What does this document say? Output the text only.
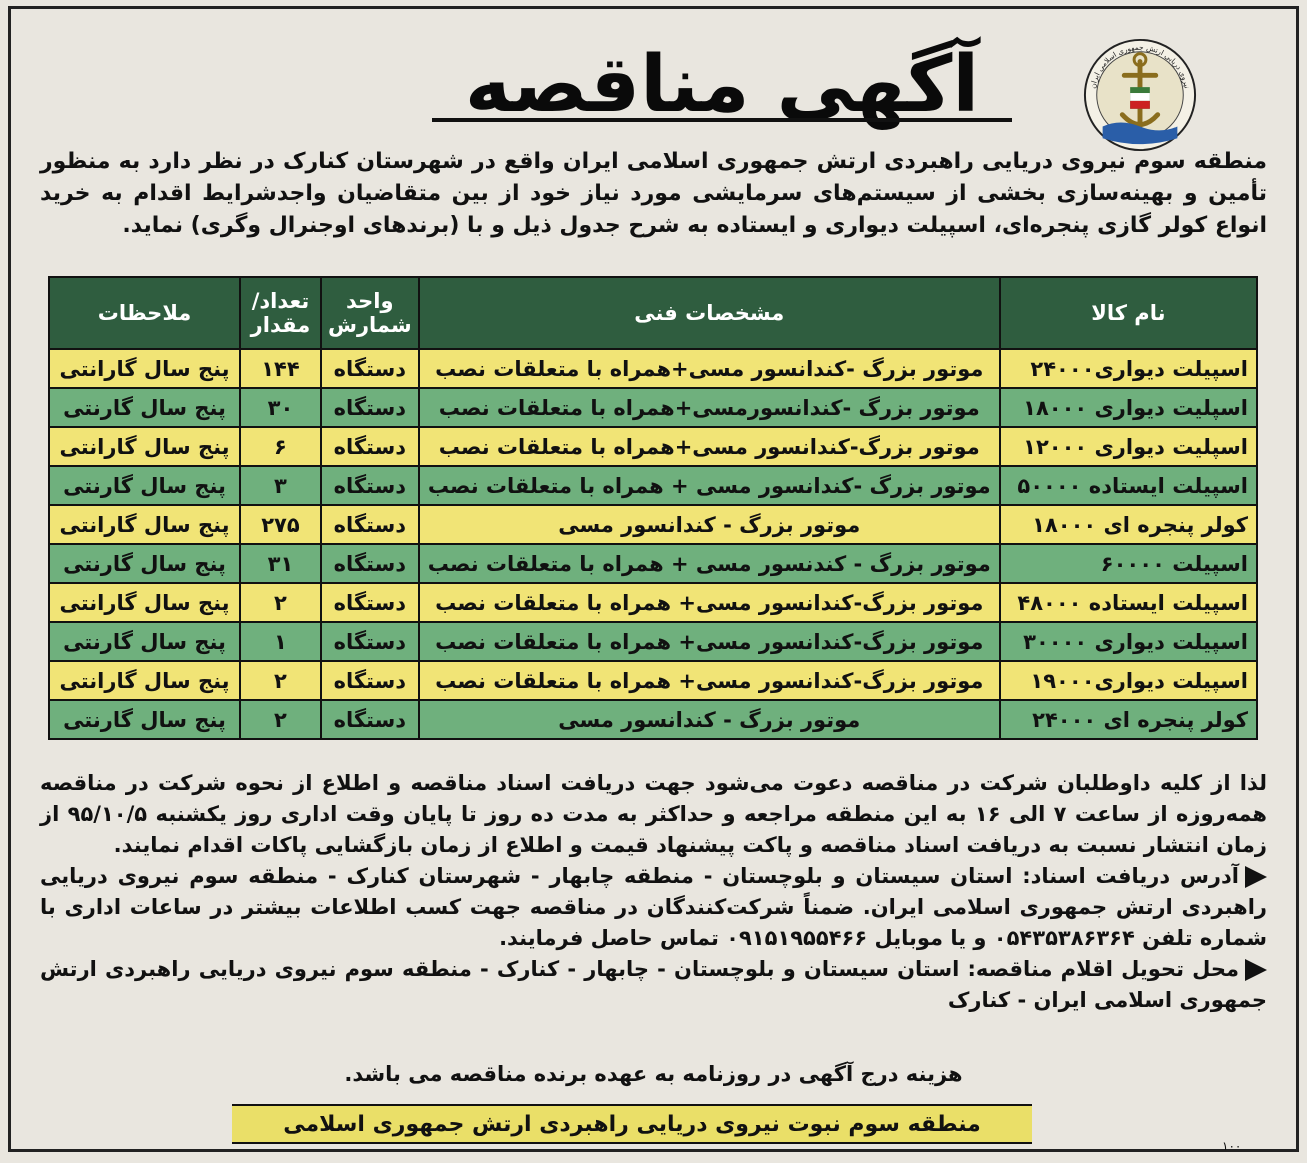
آگهی مناقصه	نیروی دریایی ارتش جمهوری اسلامی ایران
منطقه سوم نیروی دریایی راهبردی ارتش جمهوری اسلامی ایران واقع در شهرستان کنارک در نظر دارد به منظور تأمین و بهینه‌سازی بخشی از سیستم‌های سرمایشی مورد نیاز خود از بین متقاضیان واجدشرایط اقدام به خرید انواع کولر گازی پنجره‌ای، اسپیلت دیواری و ایستاده به شرح جدول ذیل و با (برندهای اوجنرال وگری) نماید.
نام کالا	مشخصات فنی	واحد شمارش	تعداد/ مقدار	ملاحظات
اسپیلت دیواری۲۴۰۰۰	موتور بزرگ -کندانسور مسی+همراه با متعلقات نصب	دستگاه	۱۴۴	پنج سال گارانتی
اسپلیت دیواری ۱۸۰۰۰	موتور بزرگ -کندانسورمسی+همراه با متعلقات نصب	دستگاه	۳۰	پنج سال گارنتی
اسپلیت دیواری ۱۲۰۰۰	موتور بزرگ-کندانسور مسی+همراه با متعلقات نصب	دستگاه	۶	پنج سال گارانتی
اسپیلت ایستاده ۵۰۰۰۰	موتور بزرگ -کندانسور مسی + همراه با متعلقات نصب	دستگاه	۳	پنج سال گارنتی
کولر پنجره ای ۱۸۰۰۰	موتور بزرگ - کندانسور مسی	دستگاه	۲۷۵	پنج سال گارانتی
اسپیلت ۶۰۰۰۰	موتور بزرگ - کندنسور مسی + همراه با متعلقات نصب	دستگاه	۳۱	پنج سال گارنتی
اسپیلت ایستاده ۴۸۰۰۰	موتور بزرگ-کندانسور مسی+ همراه با متعلقات نصب	دستگاه	۲	پنج سال گارانتی
اسپیلت دیواری ۳۰۰۰۰	موتور بزرگ-کندانسور مسی+ همراه با متعلقات نصب	دستگاه	۱	پنج سال گارنتی
اسپیلت دیواری۱۹۰۰۰	موتور بزرگ-کندانسور مسی+ همراه با متعلقات نصب	دستگاه	۲	پنج سال گارانتی
کولر پنجره ای ۲۴۰۰۰	موتور بزرگ - کندانسور مسی	دستگاه	۲	پنج سال گارنتی

لذا از کلیه داوطلبان شرکت در مناقصه دعوت می‌شود جهت دریافت اسناد مناقصه و اطلاع از نحوه شرکت در مناقصه همه‌روزه از ساعت ۷ الی ۱۶ به این منطقه مراجعه و حداکثر به مدت ده روز تا پایان وقت اداری روز یکشنبه ۹۵/۱۰/۵ از زمان انتشار نسبت به دریافت اسناد مناقصه و پاکت پیشنهاد قیمت و اطلاع از زمان بازگشایی پاکات اقدام نمایند.

آدرس دریافت اسناد: استان سیستان و بلوچستان - منطقه چابهار - شهرستان کنارک - منطقه سوم نیروی دریایی راهبردی ارتش جمهوری اسلامی ایران. ضمناً شرکت‌کنندگان در مناقصه جهت کسب اطلاعات بیشتر در ساعات اداری با شماره تلفن ۰۵۴۳۵۳۸۶۳۶۴ و یا موبایل ۰۹۱۵۱۹۵۵۴۶۶ تماس حاصل فرمایند.

محل تحویل اقلام مناقصه: استان سیستان و بلوچستان - چابهار - کنارک - منطقه سوم نیروی دریایی راهبردی ارتش جمهوری اسلامی ایران - کنارک

هزینه درج آگهی در روزنامه به عهده برنده مناقصه می باشد.
منطقه سوم نبوت نیروی دریایی راهبردی ارتش جمهوری اسلامی
۱۰۰
